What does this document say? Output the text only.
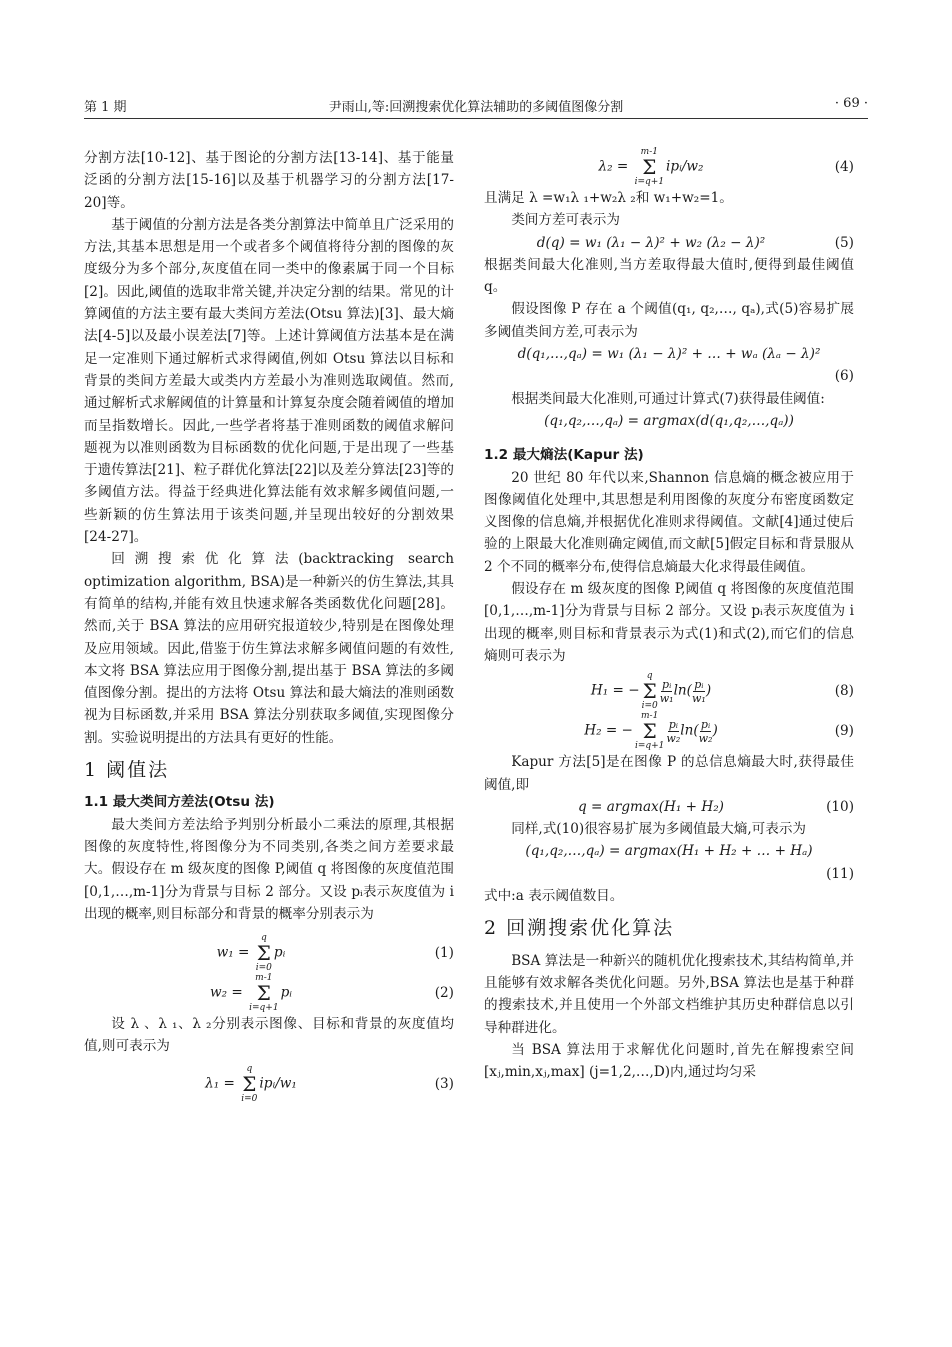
第 1 期	尹雨山,等:回溯搜索优化算法辅助的多阈值图像分割	· 69 ·

分割方法[10-12]、基于图论的分割方法[13-14]、基于能量泛函的分割方法[15-16]以及基于机器学习的分割方法[17-20]等。

基于阈值的分割方法是各类分割算法中简单且广泛采用的方法,其基本思想是用一个或者多个阈值将待分割的图像的灰度级分为多个部分,灰度值在同一类中的像素属于同一个目标[2]。因此,阈值的选取非常关键,并决定分割的结果。常见的计算阈值的方法主要有最大类间方差法(Otsu 算法)[3]、最大熵法[4-5]以及最小误差法[7]等。上述计算阈值方法基本是在满足一定准则下通过解析式求得阈值,例如 Otsu 算法以目标和背景的类间方差最大或类内方差最小为准则选取阈值。然而,通过解析式求解阈值的计算量和计算复杂度会随着阈值的增加而呈指数增长。因此,一些学者将基于准则函数的阈值求解问题视为以准则函数为目标函数的优化问题,于是出现了一些基于遗传算法[21]、粒子群优化算法[22]以及差分算法[23]等的多阈值方法。得益于经典进化算法能有效求解多阈值问题,一些新颖的仿生算法用于该类问题,并呈现出较好的分割效果[24-27]。

回溯搜索优化算法(backtracking search optimization algorithm, BSA)是一种新兴的仿生算法,其具有简单的结构,并能有效且快速求解各类函数优化问题[28]。然而,关于 BSA 算法的应用研究报道较少,特别是在图像处理及应用领域。因此,借鉴于仿生算法求解多阈值问题的有效性,本文将 BSA 算法应用于图像分割,提出基于 BSA 算法的多阈值图像分割。提出的方法将 Otsu 算法和最大熵法的准则函数视为目标函数,并采用 BSA 算法分别获取多阈值,实现图像分割。实验说明提出的方法具有更好的性能。

1 阈值法
1.1 最大类间方差法(Otsu 法)

最大类间方差法给予判别分析最小二乘法的原理,其根据图像的灰度特性,将图像分为不同类别,各类之间方差要求最大。假设存在 m 级灰度的图像 P,阈值 q 将图像的灰度值范围[0,1,…,m-1]分为背景与目标 2 部分。又设 pᵢ表示灰度值为 i 出现的概率,则目标部分和背景的概率分别表示为

w₁ =
q
Σ
i=0
pᵢ	(1)
w₂ =
m-1
Σ
i=q+1
pᵢ	(2)

设 λ 、λ ₁、λ ₂分别表示图像、目标和背景的灰度值均值,则可表示为

λ₁ =
q
Σ
i=0
ipᵢ/w₁	(3)
λ₂ =
m-1
Σ
i=q+1
ipᵢ/w₂	(4)

且满足 λ =w₁λ ₁+w₂λ ₂和 w₁+w₂=1。

类间方差可表示为

d(q) = w₁ (λ₁ − λ)² + w₂ (λ₂ − λ)²	(5)

根据类间最大化准则,当方差取得最大值时,便得到最佳阈值 q。

假设图像 P 存在 a 个阈值(q₁, q₂,…, qₐ),式(5)容易扩展多阈值类间方差,可表示为

d(q₁,…,qₐ) = w₁ (λ₁ − λ)² + … + wₐ (λₐ − λ)²

(6)

根据类间最大化准则,可通过计算式(7)获得最佳阈值:

(q₁,q₂,…,qₐ) = argmax(d(q₁,q₂,…,qₐ))
1.2 最大熵法(Kapur 法)

20 世纪 80 年代以来,Shannon 信息熵的概念被应用于图像阈值化处理中,其思想是利用图像的灰度分布密度函数定义图像的信息熵,并根据优化准则求得阈值。文献[4]通过使后验的上限最大化准则确定阈值,而文献[5]假定目标和背景服从 2 个不同的概率分布,使得信息熵最大化求得最佳阈值。

假设存在 m 级灰度的图像 P,阈值 q 将图像的灰度值范围[0,1,…,m-1]分为背景与目标 2 部分。又设 pᵢ表示灰度值为 i 出现的概率,则目标和背景表示为式(1)和式(2),而它们的信息熵则可表示为

H₁ = −
q
Σ
i=0
$\frac{\text{pᵢ}}{\text{w₁}} \ln( \frac{\text{pᵢ}}{\text{w₁}}$ )	(8)
H₂ = −
m-1
Σ
i=q+1
$\frac{\text{pᵢ}}{\text{w₂}} \ln( \frac{\text{pᵢ}}{\text{w₂}}$ )	(9)

Kapur 方法[5]是在图像 P 的总信息熵最大时,获得最佳阈值,即

q = argmax(H₁ + H₂)	(10)

同样,式(10)很容易扩展为多阈值最大熵,可表示为

(q₁,q₂,…,qₐ) = argmax(H₁ + H₂ + … + Hₐ)

(11)

式中:a 表示阈值数目。

2 回溯搜索优化算法

BSA 算法是一种新兴的随机优化搜索技术,其结构简单,并且能够有效求解各类优化问题。另外,BSA 算法也是基于种群的搜索技术,并且使用一个外部文档维护其历史种群信息以引导种群进化。

当 BSA 算法用于求解优化问题时,首先在解搜索空间[xⱼ,min,xⱼ,max] (j=1,2,…,D)内,通过均匀采
